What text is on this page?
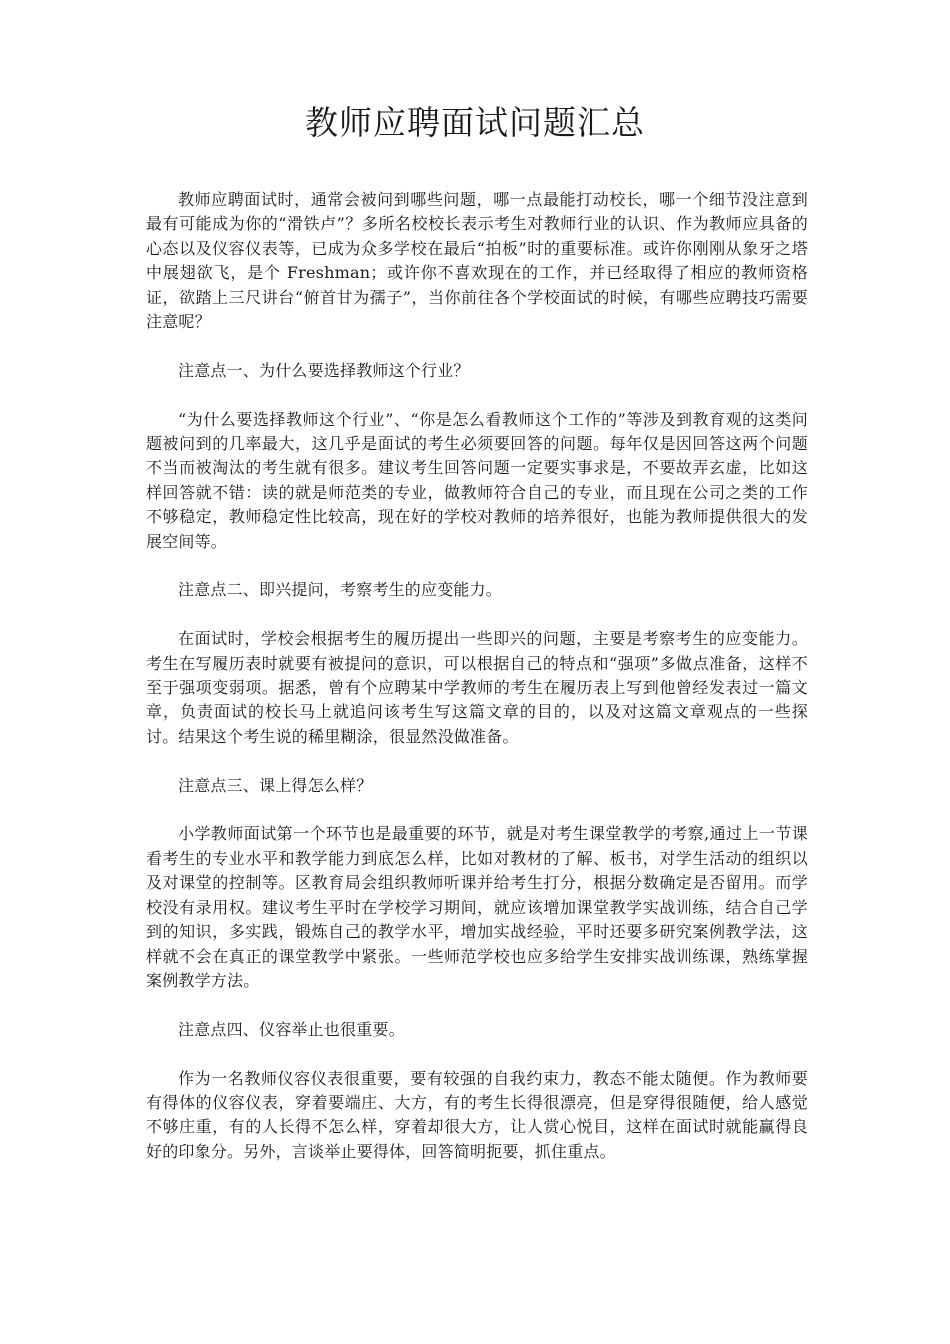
教师应聘面试问题汇总

教师应聘面试时，通常会被问到哪些问题，哪一点最能打动校长，哪一个细节没注意到最有可能成为你的“滑铁卢”？多所名校校长表示考生对教师行业的认识、作为教师应具备的心态以及仪容仪表等，已成为众多学校在最后“拍板”时的重要标准。或许你刚刚从象牙之塔中展翅欲飞，是个 Freshman；或许你不喜欢现在的工作，并已经取得了相应的教师资格证，欲踏上三尺讲台“俯首甘为孺子”，当你前往各个学校面试的时候，有哪些应聘技巧需要注意呢？

注意点一、为什么要选择教师这个行业？

“为什么要选择教师这个行业”、“你是怎么看教师这个工作的”等涉及到教育观的这类问题被问到的几率最大，这几乎是面试的考生必须要回答的问题。每年仅是因回答这两个问题不当而被淘汰的考生就有很多。建议考生回答问题一定要实事求是，不要故弄玄虚，比如这样回答就不错：读的就是师范类的专业，做教师符合自己的专业，而且现在公司之类的工作不够稳定，教师稳定性比较高，现在好的学校对教师的培养很好，也能为教师提供很大的发展空间等。

注意点二、即兴提问，考察考生的应变能力。

在面试时，学校会根据考生的履历提出一些即兴的问题，主要是考察考生的应变能力。考生在写履历表时就要有被提问的意识，可以根据自己的特点和“强项”多做点准备，这样不至于强项变弱项。据悉，曾有个应聘某中学教师的考生在履历表上写到他曾经发表过一篇文章，负责面试的校长马上就追问该考生写这篇文章的目的，以及对这篇文章观点的一些探讨。结果这个考生说的稀里糊涂，很显然没做准备。

注意点三、课上得怎么样？

小学教师面试第一个环节也是最重要的环节，就是对考生课堂教学的考察,通过上一节课看考生的专业水平和教学能力到底怎么样，比如对教材的了解、板书，对学生活动的组织以及对课堂的控制等。区教育局会组织教师听课并给考生打分，根据分数确定是否留用。而学校没有录用权。建议考生平时在学校学习期间，就应该增加课堂教学实战训练，结合自己学到的知识，多实践，锻炼自己的教学水平，增加实战经验，平时还要多研究案例教学法，这样就不会在真正的课堂教学中紧张。一些师范学校也应多给学生安排实战训练课，熟练掌握案例教学方法。

注意点四、仪容举止也很重要。

作为一名教师仪容仪表很重要，要有较强的自我约束力，教态不能太随便。作为教师要有得体的仪容仪表，穿着要端庄、大方，有的考生长得很漂亮，但是穿得很随便，给人感觉不够庄重，有的人长得不怎么样，穿着却很大方，让人赏心悦目，这样在面试时就能赢得良好的印象分。另外，言谈举止要得体，回答简明扼要，抓住重点。
